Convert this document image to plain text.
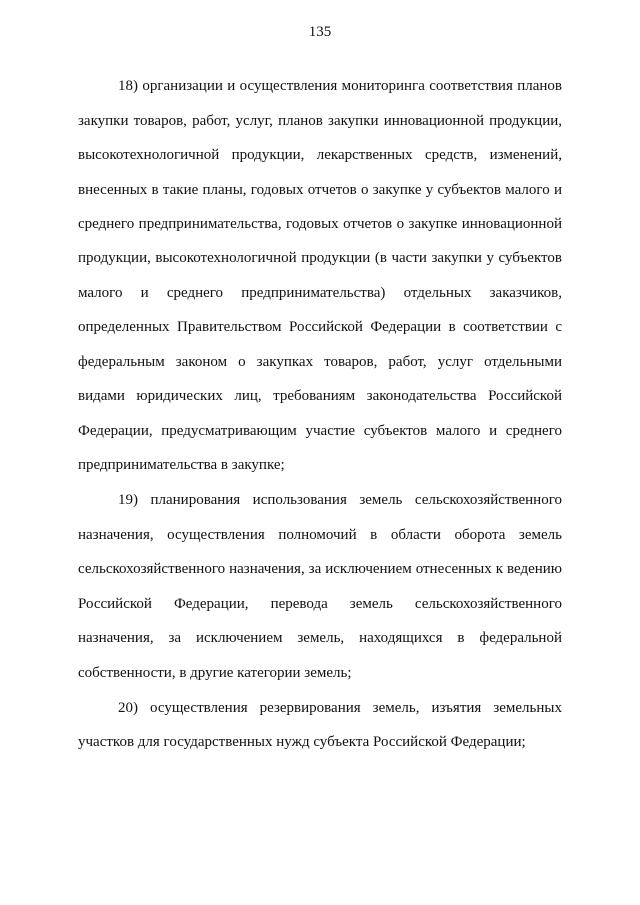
135
18) организации и осуществления мониторинга соответствия планов
закупки товаров, работ, услуг, планов закупки инновационной продукции,
высокотехнологичной продукции, лекарственных средств, изменений,
внесенных в такие планы, годовых отчетов о закупке у субъектов малого и
среднего предпринимательства, годовых отчетов о закупке инновационной
продукции, высокотехнологичной продукции (в части закупки у субъектов
малого и среднего предпринимательства) отдельных заказчиков,
определенных Правительством Российской Федерации в соответствии с
федеральным законом о закупках товаров, работ, услуг отдельными
видами юридических лиц, требованиям законодательства Российской
Федерации, предусматривающим участие субъектов малого и среднего
предпринимательства в закупке;
19) планирования использования земель сельскохозяйственного
назначения, осуществления полномочий в области оборота земель
сельскохозяйственного назначения, за исключением отнесенных к ведению
Российской Федерации, перевода земель сельскохозяйственного
назначения, за исключением земель, находящихся в федеральной
собственности, в другие категории земель;
20) осуществления резервирования земель, изъятия земельных
участков для государственных нужд субъекта Российской Федерации;
